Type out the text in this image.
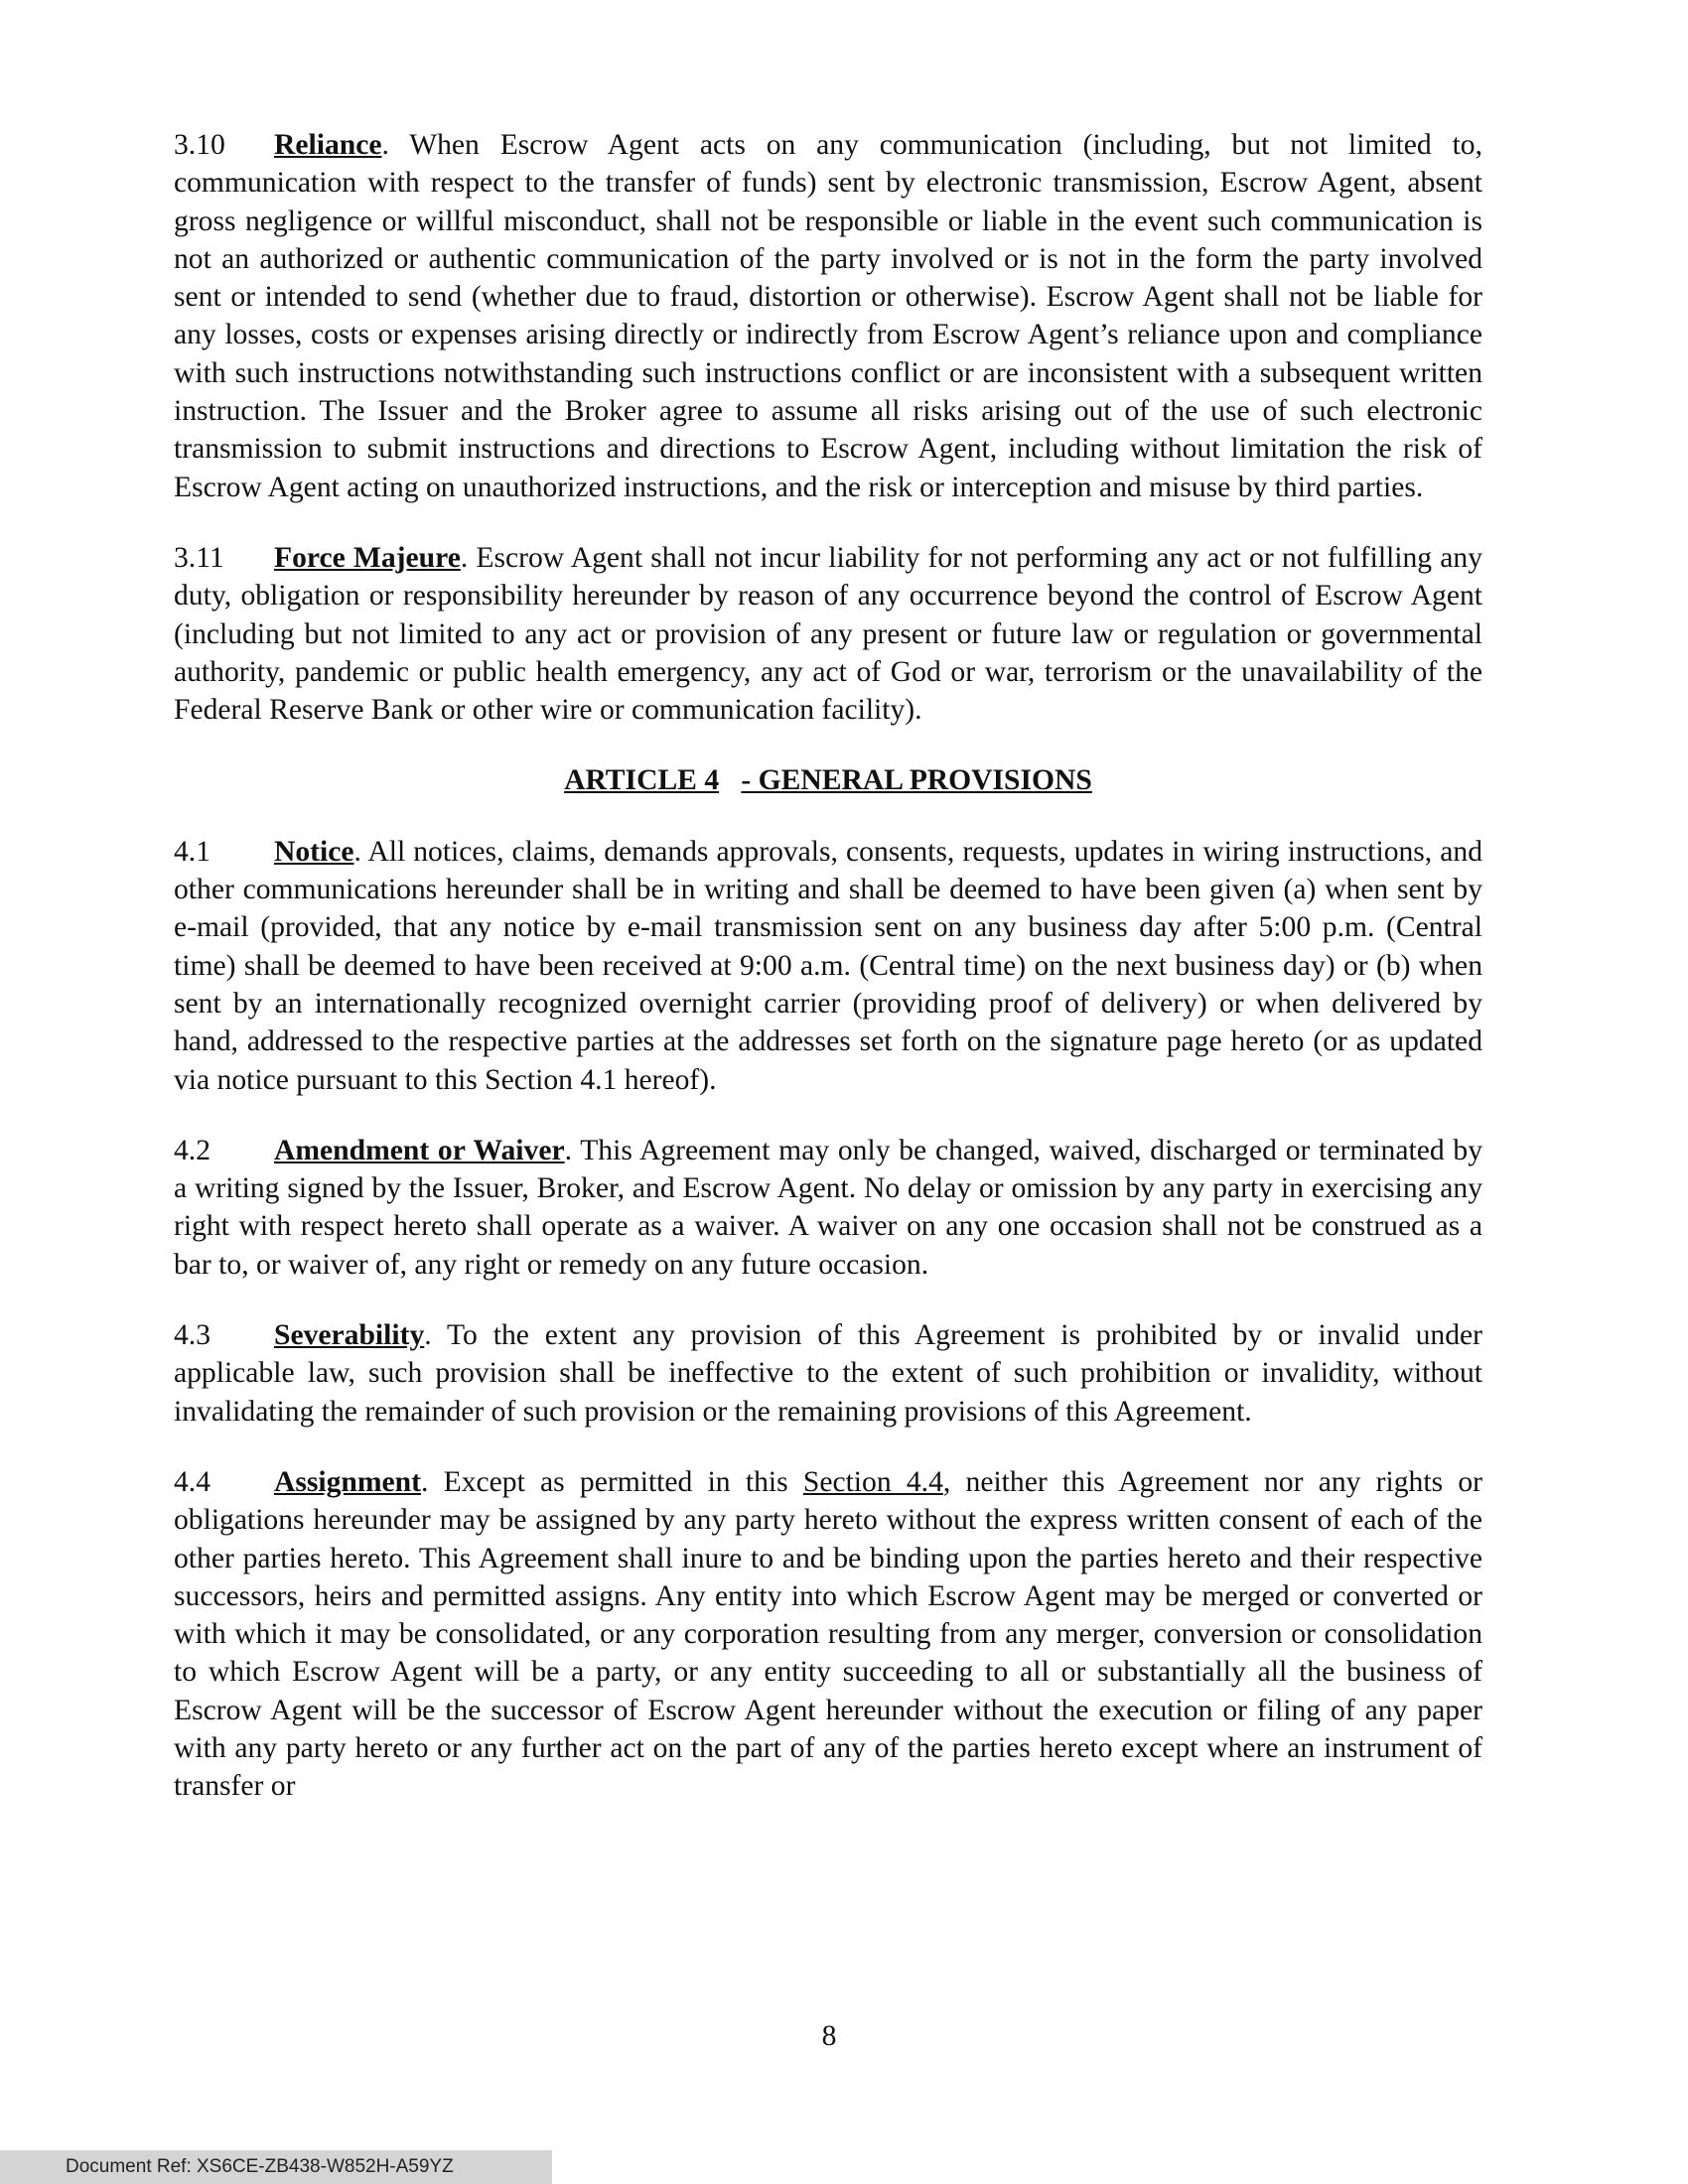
3.10 Reliance. When Escrow Agent acts on any communication (including, but not limited to, communication with respect to the transfer of funds) sent by electronic transmission, Escrow Agent, absent gross negligence or willful misconduct, shall not be responsible or liable in the event such communication is not an authorized or authentic communication of the party involved or is not in the form the party involved sent or intended to send (whether due to fraud, distortion or otherwise). Escrow Agent shall not be liable for any losses, costs or expenses arising directly or indirectly from Escrow Agent’s reliance upon and compliance with such instructions notwithstanding such instructions conflict or are inconsistent with a subsequent written instruction. The Issuer and the Broker agree to assume all risks arising out of the use of such electronic transmission to submit instructions and directions to Escrow Agent, including without limitation the risk of Escrow Agent acting on unauthorized instructions, and the risk or interception and misuse by third parties.

3.11 Force Majeure. Escrow Agent shall not incur liability for not performing any act or not fulfilling any duty, obligation or responsibility hereunder by reason of any occurrence beyond the control of Escrow Agent (including but not limited to any act or provision of any present or future law or regulation or governmental authority, pandemic or public health emergency, any act of God or war, terrorism or the unavailability of the Federal Reserve Bank or other wire or communication facility).

ARTICLE 4 - GENERAL PROVISIONS

4.1 Notice. All notices, claims, demands approvals, consents, requests, updates in wiring instructions, and other communications hereunder shall be in writing and shall be deemed to have been given (a) when sent by e-mail (provided, that any notice by e-mail transmission sent on any business day after 5:00 p.m. (Central time) shall be deemed to have been received at 9:00 a.m. (Central time) on the next business day) or (b) when sent by an internationally recognized overnight carrier (providing proof of delivery) or when delivered by hand, addressed to the respective parties at the addresses set forth on the signature page hereto (or as updated via notice pursuant to this Section 4.1 hereof).

4.2 Amendment or Waiver. This Agreement may only be changed, waived, discharged or terminated by a writing signed by the Issuer, Broker, and Escrow Agent. No delay or omission by any party in exercising any right with respect hereto shall operate as a waiver. A waiver on any one occasion shall not be construed as a bar to, or waiver of, any right or remedy on any future occasion.

4.3 Severability. To the extent any provision of this Agreement is prohibited by or invalid under applicable law, such provision shall be ineffective to the extent of such prohibition or invalidity, without invalidating the remainder of such provision or the remaining provisions of this Agreement.

4.4 Assignment. Except as permitted in this Section 4.4, neither this Agreement nor any rights or obligations hereunder may be assigned by any party hereto without the express written consent of each of the other parties hereto. This Agreement shall inure to and be binding upon the parties hereto and their respective successors, heirs and permitted assigns. Any entity into which Escrow Agent may be merged or converted or with which it may be consolidated, or any corporation resulting from any merger, conversion or consolidation to which Escrow Agent will be a party, or any entity succeeding to all or substantially all the business of Escrow Agent will be the successor of Escrow Agent hereunder without the execution or filing of any paper with any party hereto or any further act on the part of any of the parties hereto except where an instrument of transfer or

8
Document Ref: XS6CE-ZB438-W852H-A59YZ
